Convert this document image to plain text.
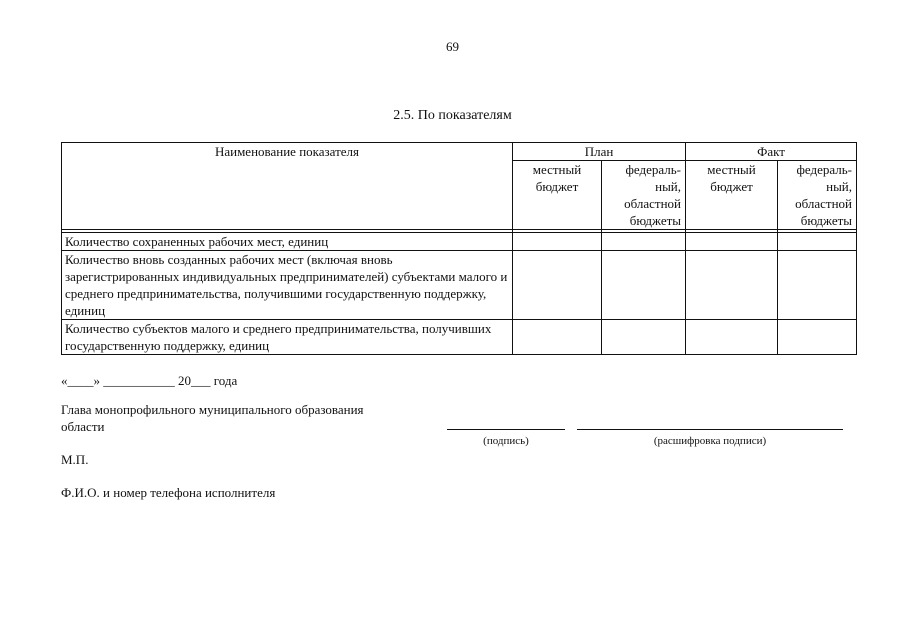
69
2.5. По показателям
Наименование показателя	План		Факт	
	местный бюджет	федераль-ный, областной бюджеты	местный бюджет	федераль-ный, областной бюджеты

Количество сохраненных рабочих мест, единиц				
Количество вновь созданных рабочих мест (включая вновь зарегистрированных индивидуальных предпринимателей) субъектами малого и среднего предпринимательства, получившими государственную поддержку, единиц				
Количество субъектов малого и среднего предпринимательства, получивших государственную поддержку, единиц				
«____» ___________ 20___ года
Глава монопрофильного муниципального образования области
(подпись)	(расшифровка подписи)
М.П.
Ф.И.О. и номер телефона исполнителя
